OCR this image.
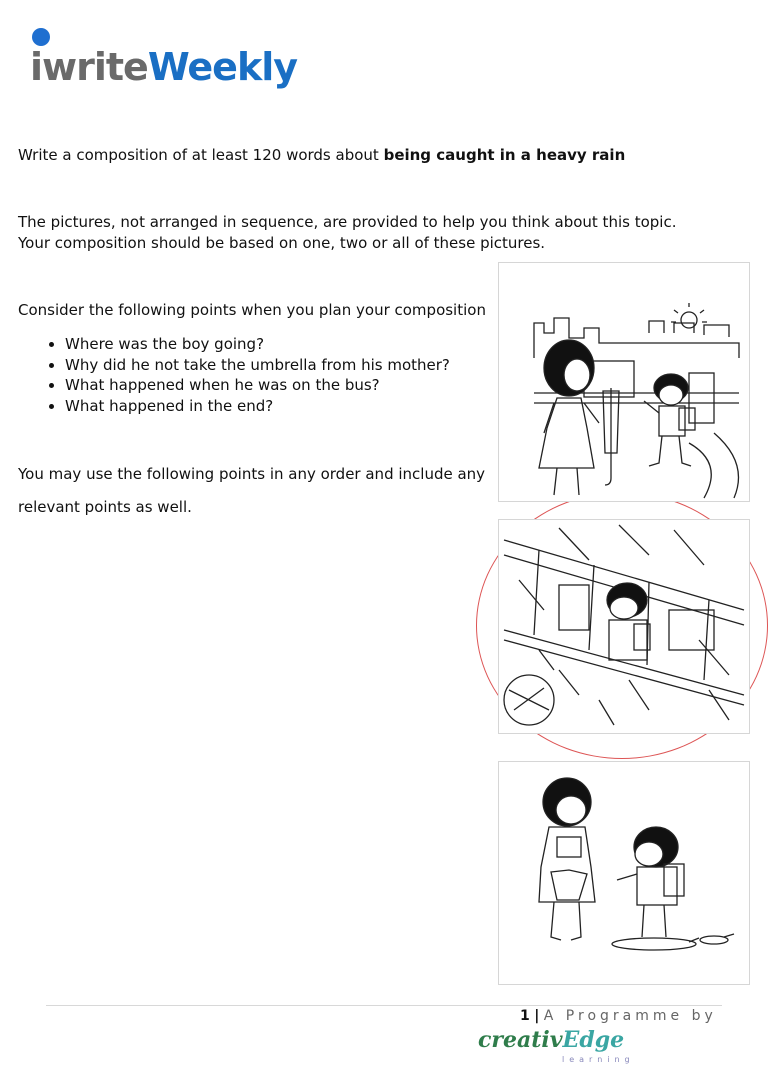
iwriteWeekly

Write a composition of at least 120 words about being caught in a heavy rain

The pictures, not arranged in sequence, are provided to help you think about this topic.

Your composition should be based on one, two or all of these pictures.

Consider the following points when you plan your composition

• Where was the boy going?
• Why did he not take the umbrella from his mother?
• What happened when he was on the bus?
• What happened in the end?

You may use the following points in any order and include any

relevant points as well.

1 | A Programme by
creativEdge
learning
